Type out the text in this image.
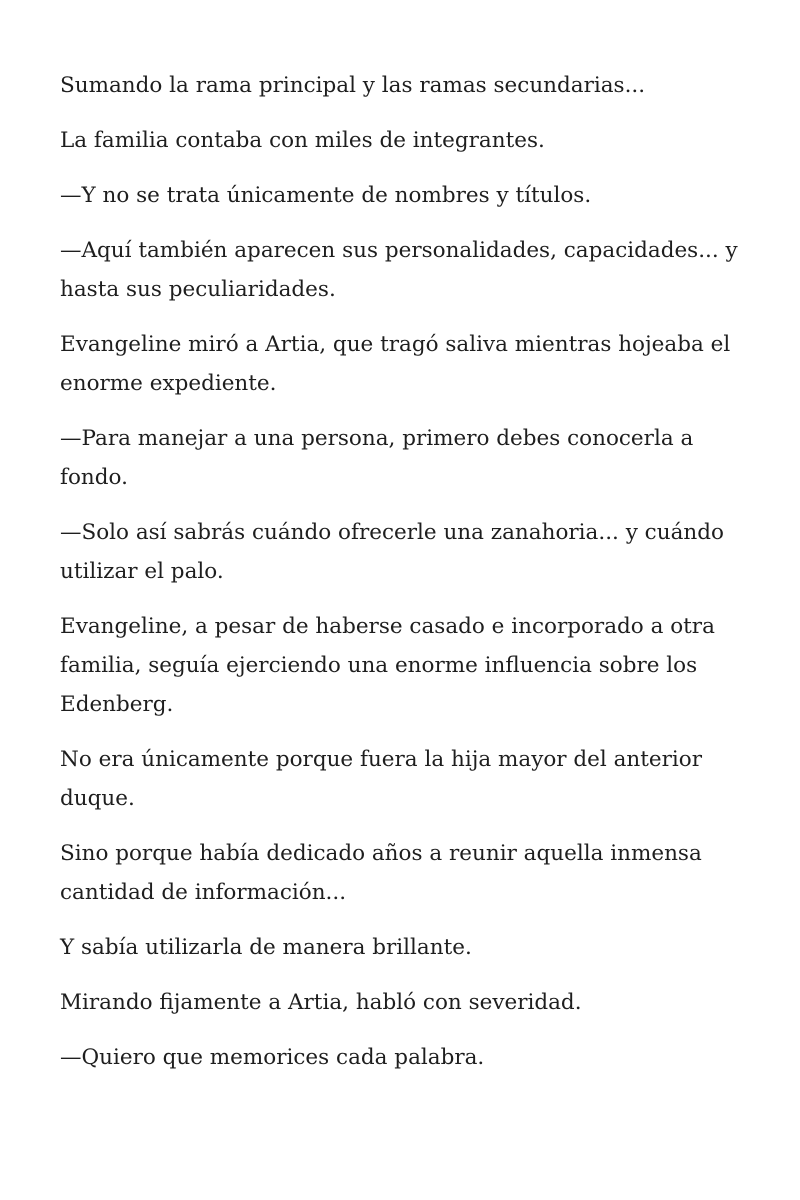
Sumando la rama principal y las ramas secundarias...

La familia contaba con miles de integrantes.

—Y no se trata únicamente de nombres y títulos.

—Aquí también aparecen sus personalidades, capacidades... y hasta sus peculiaridades.

Evangeline miró a Artia, que tragó saliva mientras hojeaba el enorme expediente.

—Para manejar a una persona, primero debes conocerla a fondo.

—Solo así sabrás cuándo ofrecerle una zanahoria... y cuándo utilizar el palo.

Evangeline, a pesar de haberse casado e incorporado a otra familia, seguía ejerciendo una enorme influencia sobre los Edenberg.

No era únicamente porque fuera la hija mayor del anterior duque.

Sino porque había dedicado años a reunir aquella inmensa cantidad de información...

Y sabía utilizarla de manera brillante.

Mirando fijamente a Artia, habló con severidad.

—Quiero que memorices cada palabra.
